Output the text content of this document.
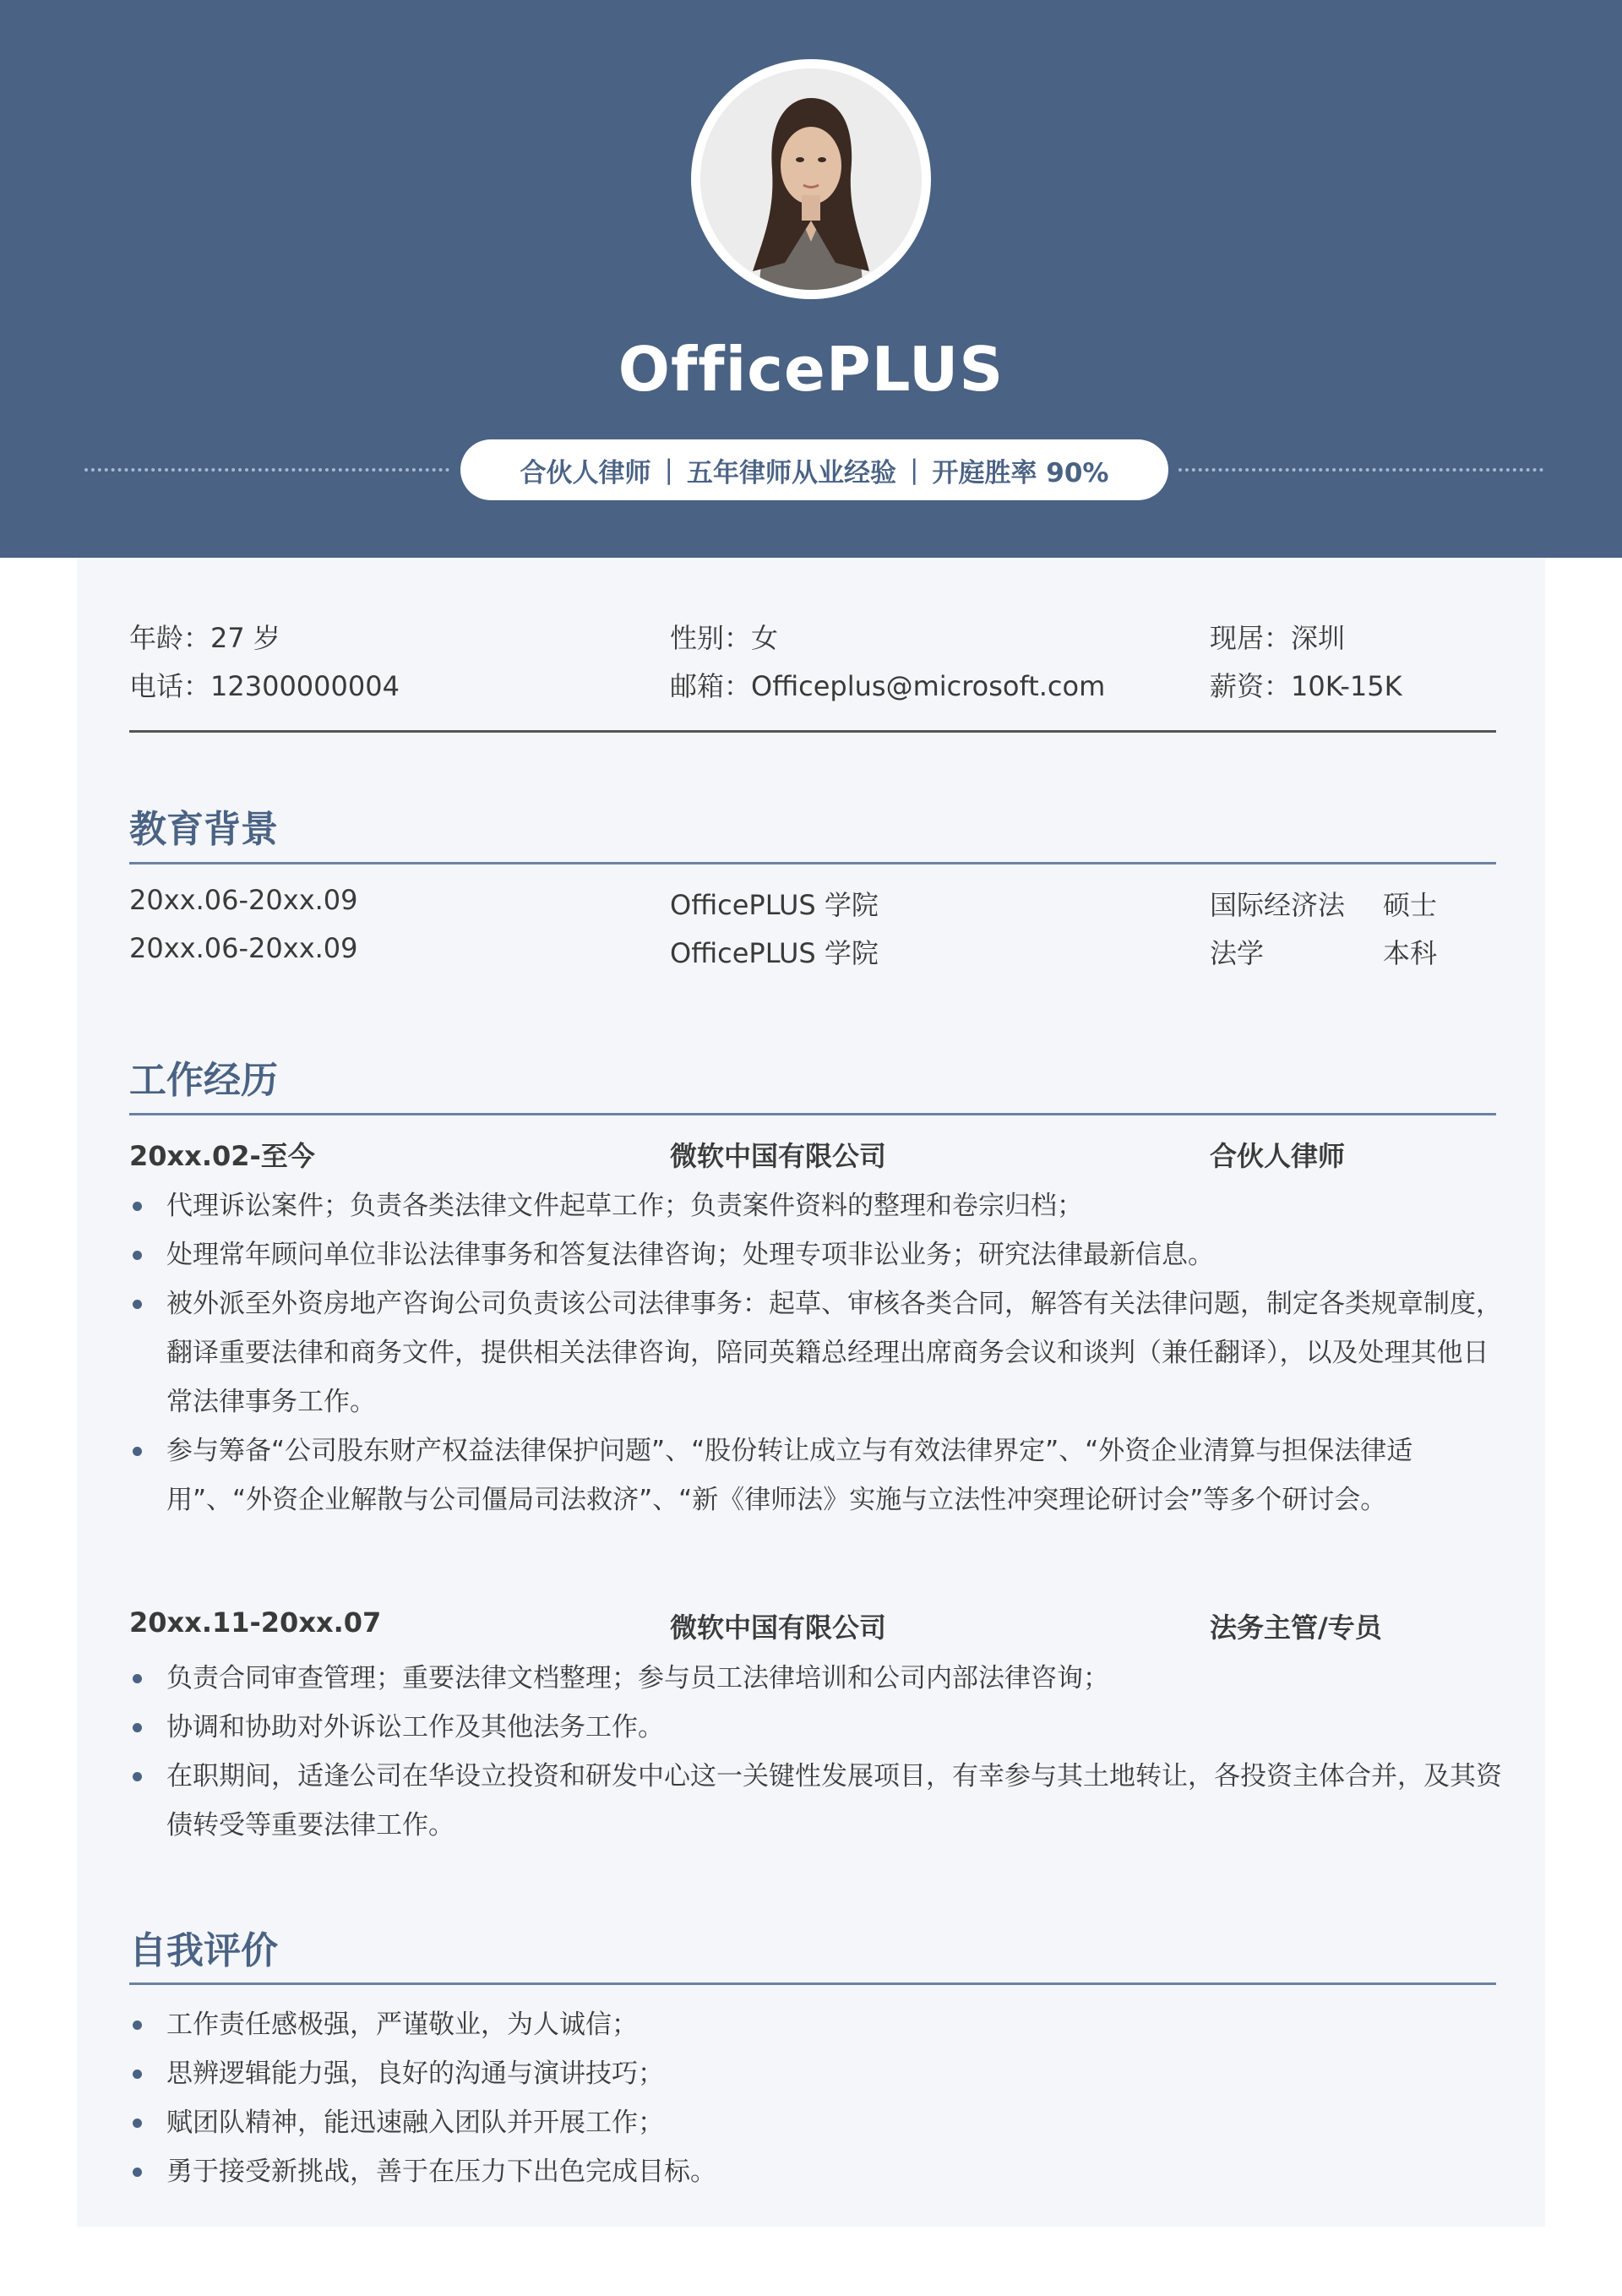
OfficePLUS
合伙人律师 | 五年律师从业经验 | 开庭胜率 90%
年龄：27 岁	性别：女	现居：深圳
电话：12300000004	邮箱：Officeplus@microsoft.com	薪资：10K-15K
教育背景
20xx.06-20xx.09	OfficePLUS 学院	国际经济法 硕士
20xx.06-20xx.09	OfficePLUS 学院	法学	本科
工作经历
20xx.02-至今	微软中国有限公司	合伙人律师
代理诉讼案件；负责各类法律文件起草工作；负责案件资料的整理和卷宗归档；
处理常年顾问单位非讼法律事务和答复法律咨询；处理专项非讼业务；研究法律最新信息。
被外派至外资房地产咨询公司负责该公司法律事务：起草、审核各类合同，解答有关法律问题，制定各类规章制度，翻译重要法律和商务文件，提供相关法律咨询，陪同英籍总经理出席商务会议和谈判（兼任翻译），以及处理其他日常法律事务工作。
参与筹备“公司股东财产权益法律保护问题”、“股份转让成立与有效法律界定”、“外资企业清算与担保法律适用”、“外资企业解散与公司僵局司法救济”、“新《律师法》实施与立法性冲突理论研讨会”等多个研讨会。
20xx.11-20xx.07	微软中国有限公司	法务主管/专员
负责合同审查管理；重要法律文档整理；参与员工法律培训和公司内部法律咨询；
协调和协助对外诉讼工作及其他法务工作。
在职期间，适逢公司在华设立投资和研发中心这一关键性发展项目，有幸参与其土地转让，各投资主体合并，及其资债转受等重要法律工作。
自我评价
工作责任感极强，严谨敬业，为人诚信；
思辨逻辑能力强，良好的沟通与演讲技巧；
赋团队精神，能迅速融入团队并开展工作；
勇于接受新挑战，善于在压力下出色完成目标。
